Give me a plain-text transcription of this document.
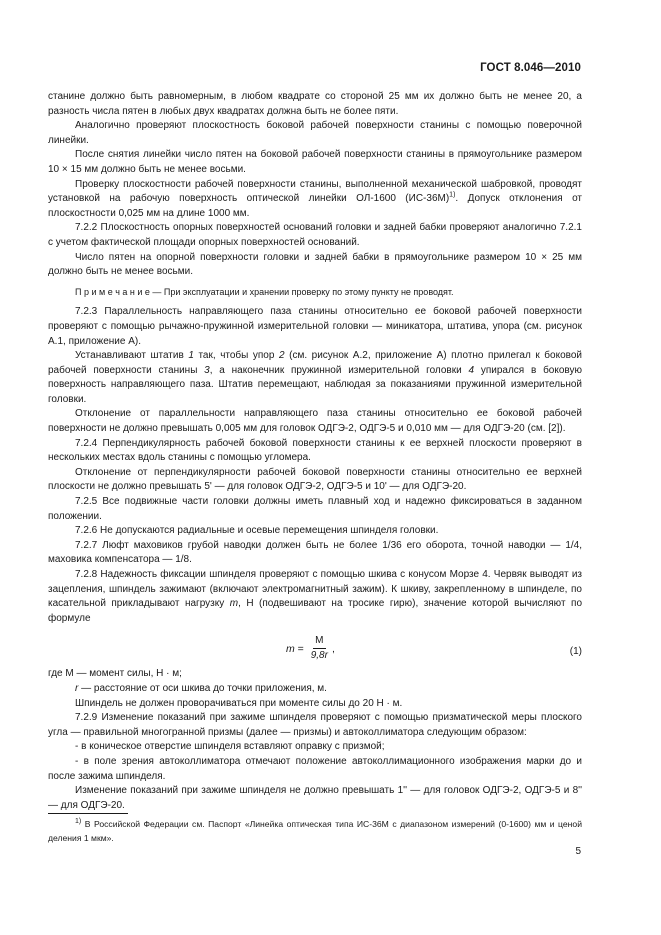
ГОСТ 8.046—2010

станине должно быть равномерным, в любом квадрате со стороной 25 мм их должно быть не менее 20, а разность числа пятен в любых двух квадратах должна быть не более пяти.

Аналогично проверяют плоскостность боковой рабочей поверхности станины с помощью поверочной линейки.

После снятия линейки число пятен на боковой рабочей поверхности станины в прямоугольнике размером 10 × 15 мм должно быть не менее восьми.

Проверку плоскостности рабочей поверхности станины, выполненной механической шабровкой, проводят установкой на рабочую поверхность оптической линейки ОЛ-1600 $(ИС-36М)^{1)}$. Допуск отклонения от плоскостности 0,025 мм на длине 1000 мм.

7.2.2 Плоскостность опорных поверхностей оснований головки и задней бабки проверяют аналогично 7.2.1 с учетом фактической площади опорных поверхностей оснований.

Число пятен на опорной поверхности головки и задней бабки в прямоугольнике размером 10 × 25 мм должно быть не менее восьми.

П р и м е ч а н и е — При эксплуатации и хранении проверку по этому пункту не проводят.

7.2.3 Параллельность направляющего паза станины относительно ее боковой рабочей поверхности проверяют с помощью рычажно-пружинной измерительной головки — миникатора, штатива, упора (см. рисунок А.1, приложение А).

Устанавливают штатив 1 так, чтобы упор 2 (см. рисунок А.2, приложение А) плотно прилегал к боковой рабочей поверхности станины 3, а наконечник пружинной измерительной головки 4 упирался в боковую поверхность направляющего паза. Штатив перемещают, наблюдая за показаниями пружинной измерительной головки.

Отклонение от параллельности направляющего паза станины относительно ее боковой рабочей поверхности не должно превышать 0,005 мм для головок ОДГЭ-2, ОДГЭ-5 и 0,010 мм — для ОДГЭ-20 (см. [2]).

7.2.4 Перпендикулярность рабочей боковой поверхности станины к ее верхней плоскости проверяют в нескольких местах вдоль станины с помощью угломера.

Отклонение от перпендикулярности рабочей боковой поверхности станины относительно ее верхней плоскости не должно превышать 5' — для головок ОДГЭ-2, ОДГЭ-5 и 10' — для ОДГЭ-20.

7.2.5 Все подвижные части головки должны иметь плавный ход и надежно фиксироваться в заданном положении.

7.2.6 Не допускаются радиальные и осевые перемещения шпинделя головки.

7.2.7 Люфт маховиков грубой наводки должен быть не более 1/36 его оборота, точной наводки — 1/4, маховика компенсатора — 1/8.

7.2.8 Надежность фиксации шпинделя проверяют с помощью шкива с конусом Морзе 4. Червяк выводят из зацепления, шпиндель зажимают (включают электромагнитный зажим). К шкиву, закрепленному в шпинделе, по касательной прикладывают нагрузку m, Н (подвешивают на тросике гирю), значение которой вычисляют по формуле

$m = \frac{М}{9,8r}$ ,	(1)

где М — момент силы, Н · м;

r — расстояние от оси шкива до точки приложения, м.

Шпиндель не должен проворачиваться при моменте силы до 20 Н · м.

7.2.9 Изменение показаний при зажиме шпинделя проверяют с помощью призматической меры плоского угла — правильной многогранной призмы (далее — призмы) и автоколлиматора следующим образом:

- в коническое отверстие шпинделя вставляют оправку с призмой;

- в поле зрения автоколлиматора отмечают положение автоколлимационного изображения марки до и после зажима шпинделя.

Изменение показаний при зажиме шпинделя не должно превышать 1'' — для головок ОДГЭ-2, ОДГЭ-5 и 8'' — для ОДГЭ-20.

$^{1)}$ В Российской Федерации см. Паспорт «Линейка оптическая типа ИС-36М с диапазоном измерений (0-1600) мм и ценой деления 1 мкм».
5
